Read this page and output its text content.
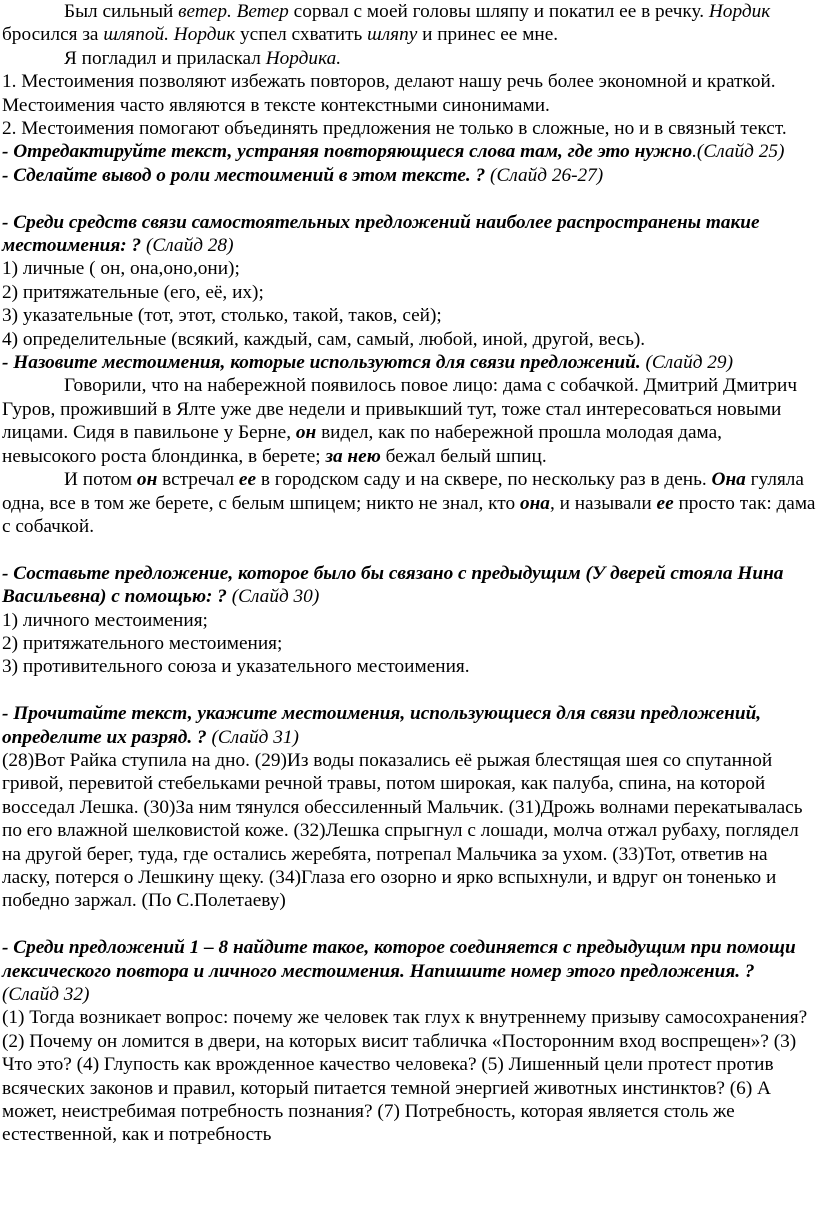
Был сильный ветер. Ветер сорвал с моей головы шляпу и покатил ее в речку. Нордик бросился за шляпой. Нордик успел схватить шляпу и принес ее мне.

Я погладил и приласкал Нордика.

1. Местоимения позволяют избежать повторов, делают нашу речь более экономной и краткой. Местоимения часто являются в тексте контекстными синонимами.

2. Местоимения помогают объединять предложения не только в сложные, но и в связный текст.

- Отредактируйте текст, устраняя повторяющиеся слова там, где это нужно.(Слайд 25)

- Сделайте вывод о роли местоимений в этом тексте. ? (Слайд 26-27)

- Среди средств связи самостоятельных предложений наиболее распространены такие местоимения: ? (Слайд 28)

1) личные ( он, она,оно,они);

2) притяжательные (его, её, их);

3) указательные (тот, этот, столько, такой, таков, сей);

4) определительные (всякий, каждый, сам, самый, любой, иной, другой, весь).

- Назовите местоимения, которые используются для связи предложений. (Слайд 29)

Говорили, что на набережной появилось повое лицо: дама с собачкой. Дмитрий Дмитрич Гуров, проживший в Ялте уже две недели и привыкший тут, тоже стал интересоваться новыми лицами. Сидя в павильоне у Берне, он видел, как по набережной прошла молодая дама, невысокого роста блондинка, в берете; за нею бежал белый шпиц.

И потом он встречал ее в городском саду и на сквере, по нескольку раз в день. Она гуляла одна, все в том же берете, с белым шпицем; никто не знал, кто она, и называли ее просто так: дама с собачкой.

- Составьте предложение, которое было бы связано с предыдущим (У дверей стояла Нина Васильевна) с помощью: ? (Слайд 30)

1) личного местоимения;

2) притяжательного местоимения;

3) противительного союза и указательного местоимения.

- Прочитайте текст, укажите местоимения, использующиеся для связи предложений, определите их разряд. ? (Слайд 31)

(28)Вот Райка ступила на дно. (29)Из воды показались её рыжая блестящая шея со спутанной гривой, перевитой стебельками речной травы, потом широкая, как палуба, спина, на которой восседал Лешка. (30)За ним тянулся обессиленный Мальчик. (31)Дрожь волнами перекатывалась по его влажной шелковистой коже. (32)Лешка спрыгнул с лошади, молча отжал рубаху, поглядел на другой берег, туда, где остались жеребята, потрепал Мальчика за ухом. (33)Тот, ответив на ласку, потерся о Лешкину щеку. (34)Глаза его озорно и ярко вспыхнули, и вдруг он тоненько и победно заржал. (По С.Полетаеву)

- Среди предложений 1 – 8 найдите такое, которое соединяется с предыдущим при помощи лексического повтора и личного местоимения. Напишите номер этого предложения. ? (Слайд 32)

(1) Тогда возникает вопрос: почему же человек так глух к внутреннему призыву самосохранения? (2) Почему он ломится в двери, на которых висит табличка «Посторонним вход воспрещен»? (3) Что это? (4) Глупость как врожденное качество человека? (5) Лишенный цели протест против всяческих законов и правил, который питается темной энергией животных инстинктов? (6) А может, неистребимая потребность познания? (7) Потребность, которая является столь же естественной, как и потребность
